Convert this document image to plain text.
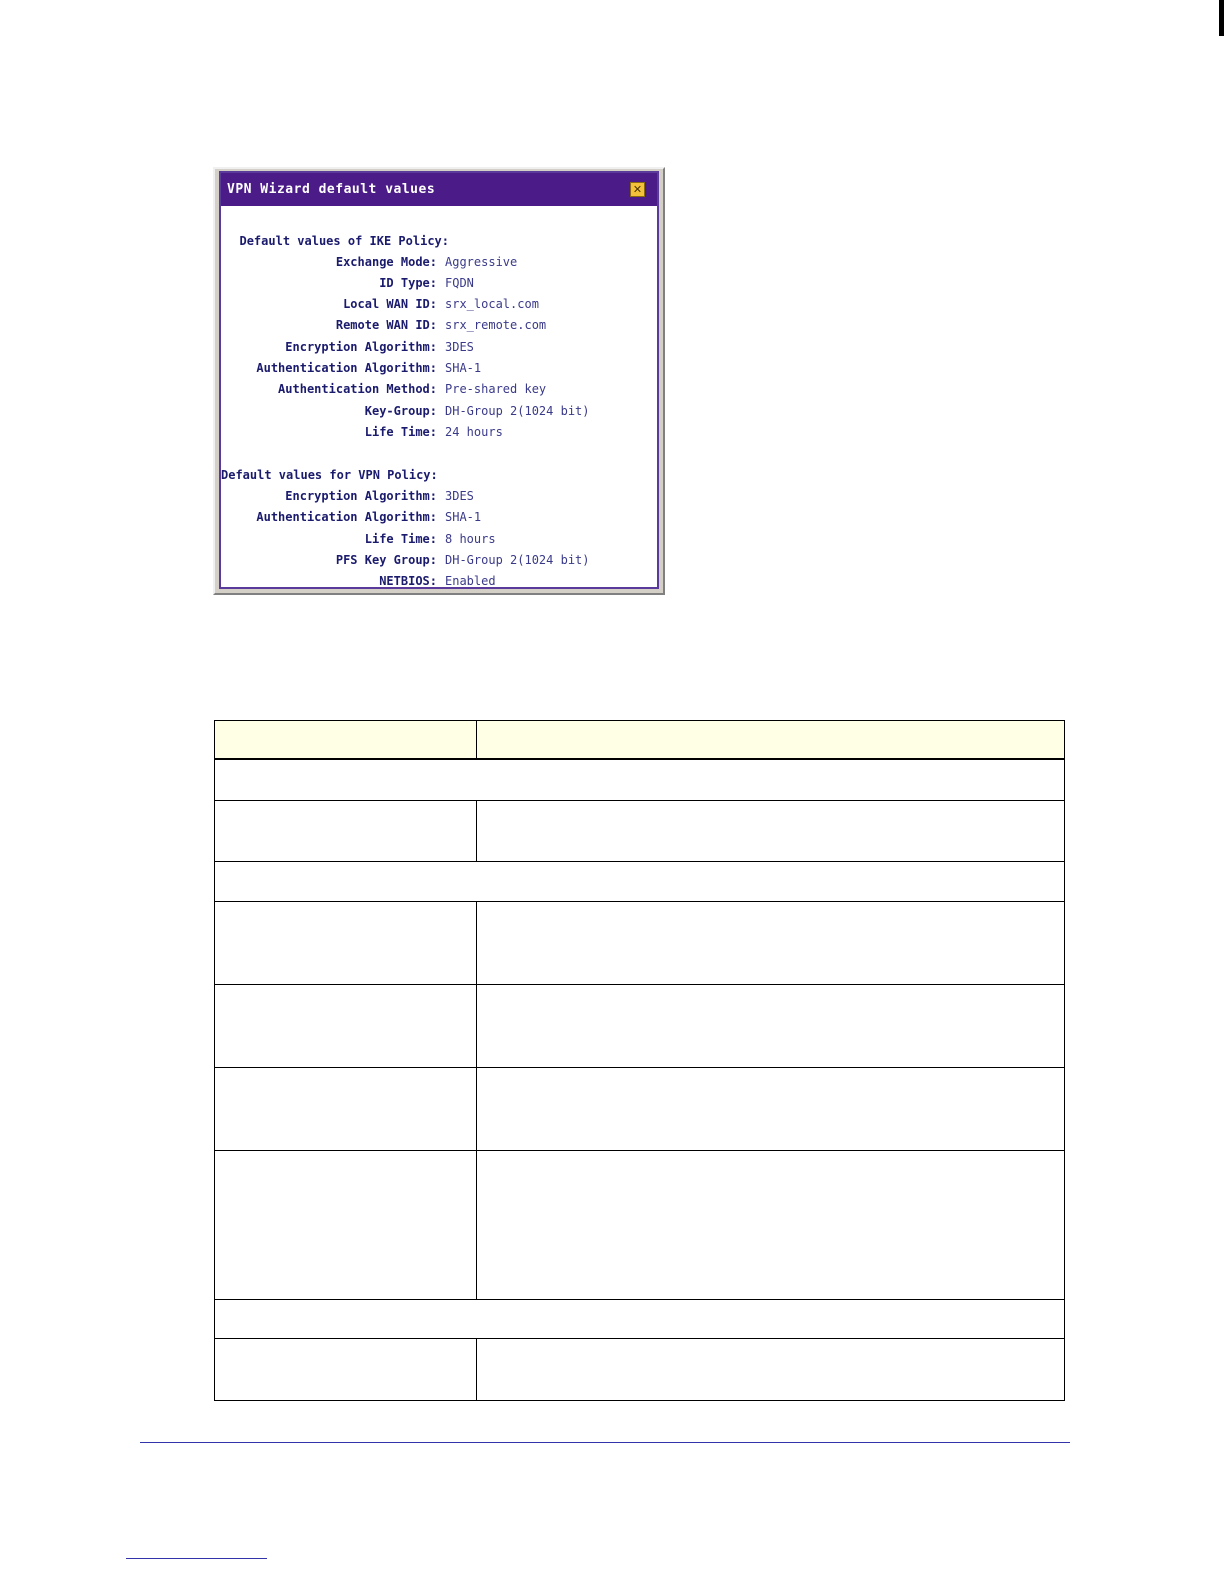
VPN Wizard default values	✕
Default values of IKE Policy:
Exchange Mode: Aggressive
ID Type: FQDN
Local WAN ID: srx_local.com
Remote WAN ID: srx_remote.com
Encryption Algorithm: 3DES
Authentication Algorithm: SHA-1
Authentication Method: Pre-shared key
Key-Group: DH-Group 2(1024 bit)
Life Time: 24 hours
Default values for VPN Policy:
Encryption Algorithm: 3DES
Authentication Algorithm: SHA-1
Life Time: 8 hours
PFS Key Group: DH-Group 2(1024 bit)
NETBIOS: Enabled
